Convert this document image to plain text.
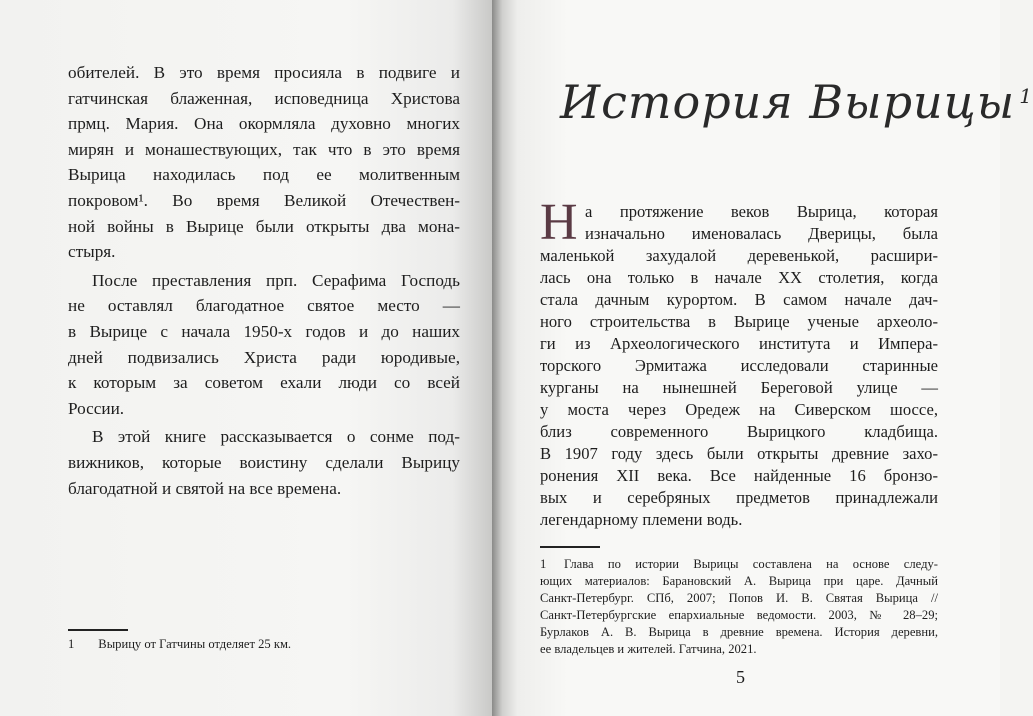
История Вырицы $^1$
Н
1 Вырицу от Гатчины отделяет 25 км.
Глава по истории Вырицы составлена на основе следу-
ющих материалов: Барановский А. Вырица при царе. Дачный
Санкт-Петербург. СПб, 2007; Попов И. В. Святая Вырица //
Санкт-Петербургские епархиальные ведомости. 2003, № 28–29;
Бурлаков А. В. Вырица в древние времена. История деревни,
ее владельцев и жителей. Гатчина, 2021.
1
5
обителей. В это время просияла в подвиге и
гатчинская блаженная, исповедница Христова
прмц. Мария. Она окормляла духовно многих
мирян и монашествующих, так что в это время
Вырица находилась под ее молитвенным
покровом¹. Во время Великой Отечествен-
ной войны в Вырице были открыты два мона-
стыря.
После преставления прп. Серафима Господь
не оставлял благодатное святое место —
в Вырице с начала 1950-х годов и до наших
дней подвизались Христа ради юродивые,
к которым за советом ехали люди со всей
России.
В этой книге рассказывается о сонме под-
вижников, которые воистину сделали Вырицу
благодатной и святой на все времена.
а протяжение веков Вырица, которая
изначально именовалась Дверицы, была
маленькой захудалой деревенькой, расшири-
лась она только в начале XX столетия, когда
стала дачным курортом. В самом начале дач-
ного строительства в Вырице ученые археоло-
ги из Археологического института и Импера-
торского Эрмитажа исследовали старинные
курганы на нынешней Береговой улице —
у моста через Оредеж на Сиверском шоссе,
близ современного Вырицкого кладбища.
В 1907 году здесь были открыты древние захо-
ронения XII века. Все найденные 16 бронзо-
вых и серебряных предметов принадлежали
легендарному племени водь.
